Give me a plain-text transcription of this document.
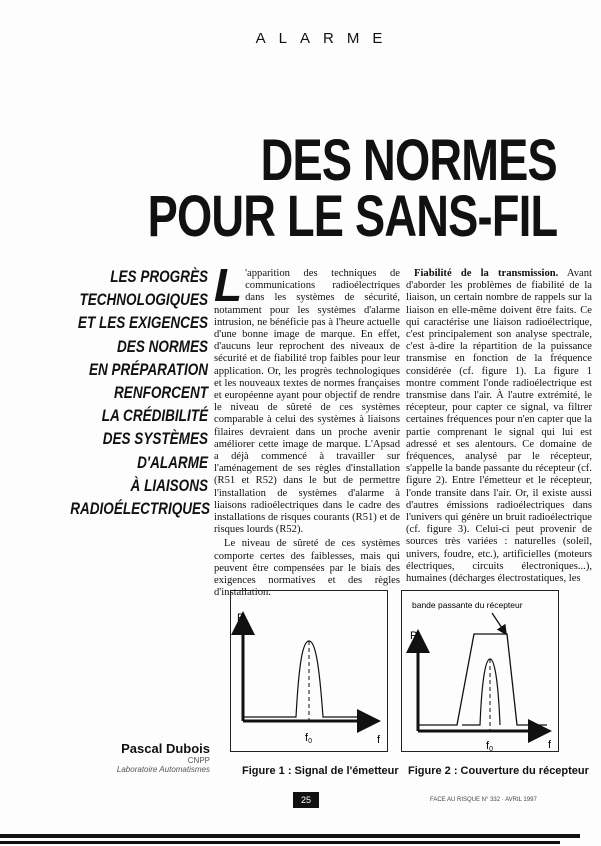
ALARME
DES NORMES
POUR LE SANS-FIL
LES PROGRÈS
TECHNOLOGIQUES
ET LES EXIGENCES
DES NORMES
EN PRÉPARATION
RENFORCENT
LA CRÉDIBILITÉ
DES SYSTÈMES
D'ALARME
À LIAISONS
RADIOÉLECTRIQUES

L 'apparition des techniques de communications radioélectriques dans les systèmes de sécurité, notamment pour les systèmes d'alarme intrusion, ne bénéficie pas à l'heure actuelle d'une bonne image de marque. En effet, d'aucuns leur reprochent des niveaux de sécurité et de fiabilité trop faibles pour leur application. Or, les progrès technologiques et les nouveaux textes de normes françaises et européenne ayant pour objectif de rendre le niveau de sûreté de ces systèmes comparable à celui des systèmes à liaisons filaires devraient dans un proche avenir améliorer cette image de marque. L'Apsad a déjà commencé à travailler sur l'aménagement de ses règles d'installation (R51 et R52) dans le but de permettre l'installation de systèmes d'alarme à liaisons radioélectriques dans le cadre des installations de risques courants (R51) et de risques lourds (R52).

Le niveau de sûreté de ces systèmes comporte certes des faiblesses, mais qui peuvent être compensées par le biais des exigences normatives et des règles d'installation.

Fiabilité de la transmission. Avant d'aborder les problèmes de fiabilité de la liaison, un certain nombre de rappels sur la liaison en elle-même doivent être faits. Ce qui caractérise une liaison radioélectrique, c'est principalement son analyse spectrale, c'est à-dire la répartition de la puissance transmise en fonction de la fréquence considérée (cf. figure 1). La figure 1 montre comment l'onde radioélectrique est transmise dans l'air. À l'autre extrémité, le récepteur, pour capter ce signal, va filtrer certaines fréquences pour n'en capter que la partie comprenant le signal qui lui est adressé et ses alentours. Ce domaine de fréquences, analysé par le récepteur, s'appelle la bande passante du récepteur (cf. figure 2). Entre l'émetteur et le récepteur, l'onde transite dans l'air. Or, il existe aussi d'autres émissions radioélectriques dans l'univers qui génère un bruit radioélectrique (cf. figure 3). Celui-ci peut provenir de sources très variées : naturelles (soleil, univers, foudre, etc.), artificielles (moteurs électriques, circuits électroniques...), humaines (décharges électrostatiques, les

P
f
f0
Figure 1 : Signal de l'émetteur
bande passante du récepteur
P
f
f0
Figure 2 : Couverture du récepteur
Pascal Dubois
CNPP
Laboratoire Automatismes
25	FACE AU RISQUE N° 332 · AVRIL 1997
